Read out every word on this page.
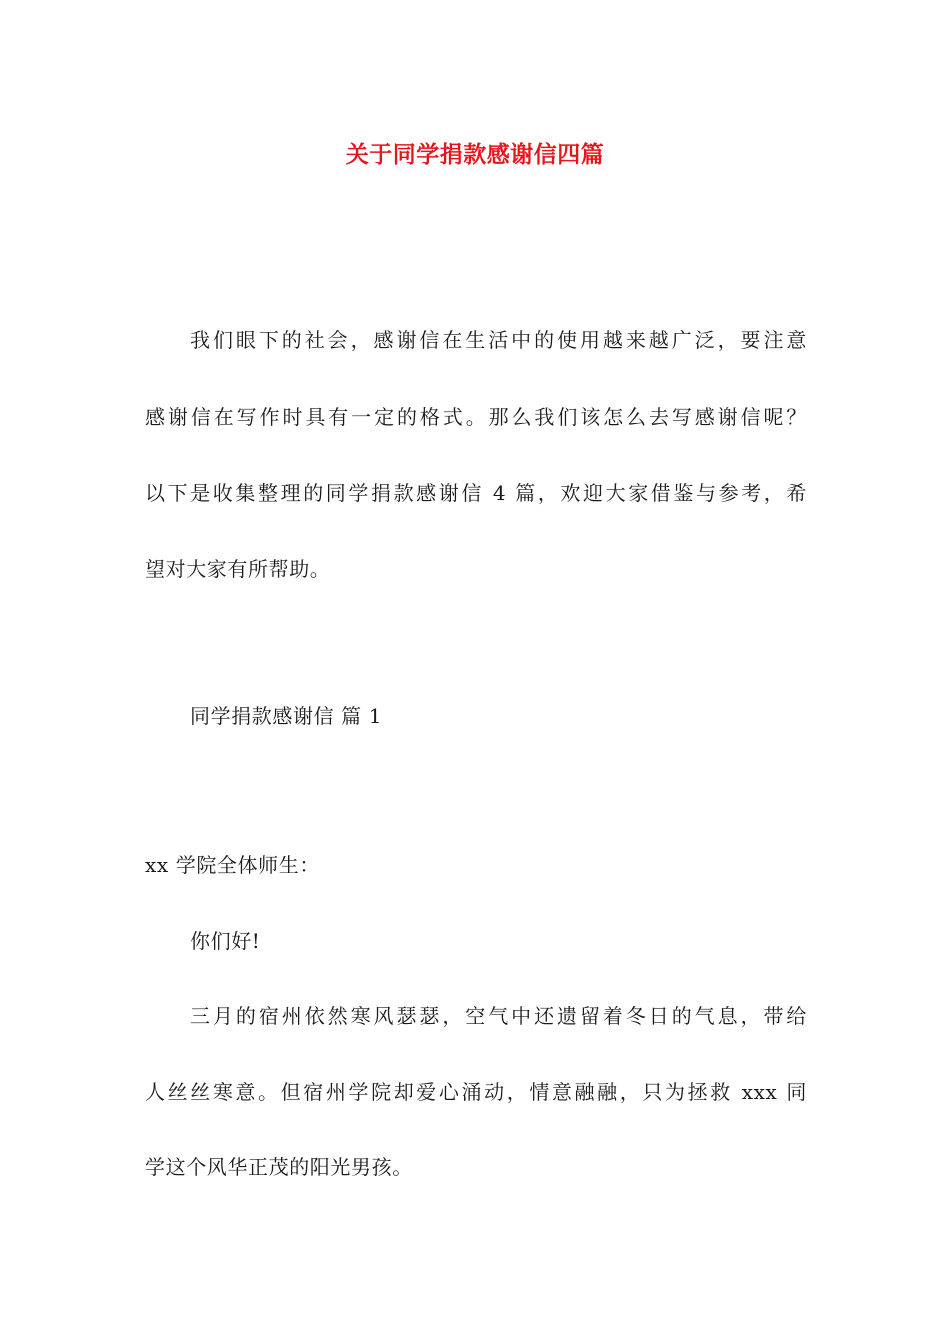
关于同学捐款感谢信四篇
我们眼下的社会，感谢信在生活中的使用越来越广泛，要注意
感谢信在写作时具有一定的格式。那么我们该怎么去写感谢信呢？
以下是收集整理的同学捐款感谢信 4 篇，欢迎大家借鉴与参考，希
望对大家有所帮助。
同学捐款感谢信 篇 1
xx 学院全体师生：
你们好!
三月的宿州依然寒风瑟瑟，空气中还遗留着冬日的气息，带给
人丝丝寒意。但宿州学院却爱心涌动，情意融融，只为拯救 xxx 同
学这个风华正茂的阳光男孩。
